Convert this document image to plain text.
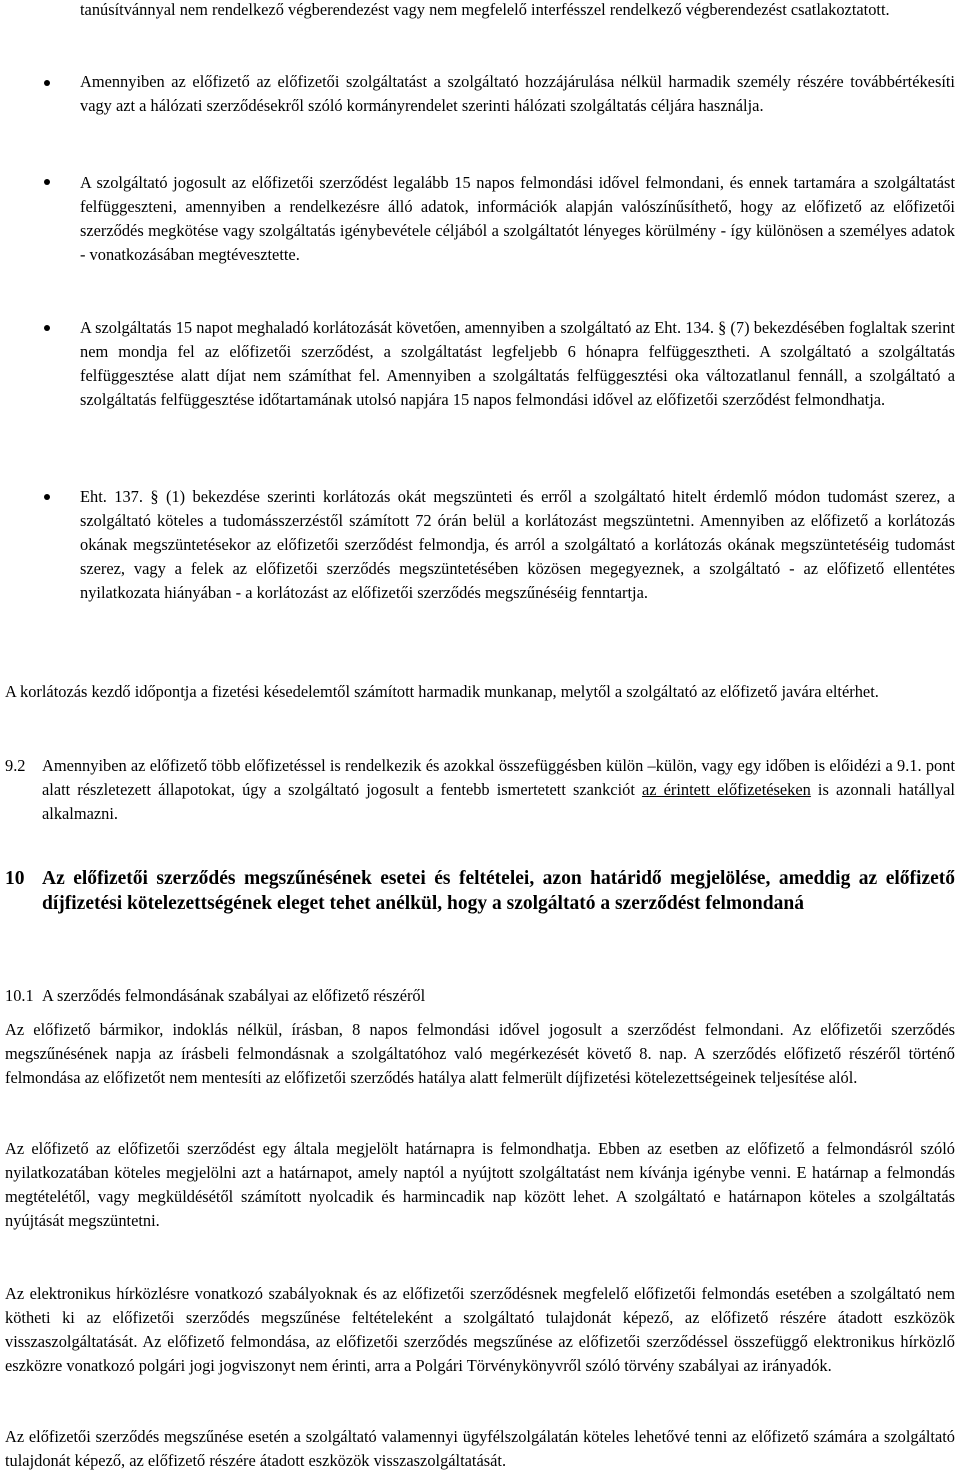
tanúsítvánnyal nem rendelkező végberendezést vagy nem megfelelő interfésszel rendelkező végberendezést csatlakoztatott.
Amennyiben az előfizető az előfizetői szolgáltatást a szolgáltató hozzájárulása nélkül harmadik személy részére továbbértékesíti vagy azt a hálózati szerződésekről szóló kormányrendelet szerinti hálózati szolgáltatás céljára használja.
A szolgáltató jogosult az előfizetői szerződést legalább 15 napos felmondási idővel felmondani, és ennek tartamára a szolgáltatást felfüggeszteni, amennyiben a rendelkezésre álló adatok, információk alapján valószínűsíthető, hogy az előfizető az előfizetői szerződés megkötése vagy szolgáltatás igénybevétele céljából a szolgáltatót lényeges körülmény - így különösen a személyes adatok - vonatkozásában megtévesztette.
A szolgáltatás 15 napot meghaladó korlátozását követően, amennyiben a szolgáltató az Eht. 134. § (7) bekezdésében foglaltak szerint nem mondja fel az előfizetői szerződést, a szolgáltatást legfeljebb 6 hónapra felfüggesztheti. A szolgáltató a szolgáltatás felfüggesztése alatt díjat nem számíthat fel. Amennyiben a szolgáltatás felfüggesztési oka változatlanul fennáll, a szolgáltató a szolgáltatás felfüggesztése időtartamának utolsó napjára 15 napos felmondási idővel az előfizetői szerződést felmondhatja.
Eht. 137. § (1) bekezdése szerinti korlátozás okát megszünteti és erről a szolgáltató hitelt érdemlő módon tudomást szerez, a szolgáltató köteles a tudomásszerzéstől számított 72 órán belül a korlátozást megszüntetni. Amennyiben az előfizető a korlátozás okának megszüntetésekor az előfizetői szerződést felmondja, és arról a szolgáltató a korlátozás okának megszüntetéséig tudomást szerez, vagy a felek az előfizetői szerződés megszüntetésében közösen megegyeznek, a szolgáltató - az előfizető ellentétes nyilatkozata hiányában - a korlátozást az előfizetői szerződés megszűnéséig fenntartja.
A korlátozás kezdő időpontja a fizetési késedelemtől számított harmadik munkanap, melytől a szolgáltató az előfizető javára eltérhet.
9.2 Amennyiben az előfizető több előfizetéssel is rendelkezik és azokkal összefüggésben külön –külön, vagy egy időben is előidézi a 9.1. pont alatt részletezett állapotokat, úgy a szolgáltató jogosult a fentebb ismertetett szankciót az érintett előfizetéseken is azonnali hatállyal alkalmazni.
10 Az előfizetői szerződés megszűnésének esetei és feltételei, azon határidő megjelölése, ameddig az előfizető díjfizetési kötelezettségének eleget tehet anélkül, hogy a szolgáltató a szerződést felmondaná
10.1 A szerződés felmondásának szabályai az előfizető részéről
Az előfizető bármikor, indoklás nélkül, írásban, 8 napos felmondási idővel jogosult a szerződést felmondani. Az előfizetői szerződés megszűnésének napja az írásbeli felmondásnak a szolgáltatóhoz való megérkezését követő 8. nap. A szerződés előfizető részéről történő felmondása az előfizetőt nem mentesíti az előfizetői szerződés hatálya alatt felmerült díjfizetési kötelezettségeinek teljesítése alól.
Az előfizető az előfizetői szerződést egy általa megjelölt határnapra is felmondhatja. Ebben az esetben az előfizető a felmondásról szóló nyilatkozatában köteles megjelölni azt a határnapot, amely naptól a nyújtott szolgáltatást nem kívánja igénybe venni. E határnap a felmondás megtételétől, vagy megküldésétől számított nyolcadik és harmincadik nap között lehet. A szolgáltató e határnapon köteles a szolgáltatás nyújtását megszüntetni.
Az elektronikus hírközlésre vonatkozó szabályoknak és az előfizetői szerződésnek megfelelő előfizetői felmondás esetében a szolgáltató nem kötheti ki az előfizetői szerződés megszűnése feltételeként a szolgáltató tulajdonát képező, az előfizető részére átadott eszközök visszaszolgáltatását. Az előfizető felmondása, az előfizetői szerződés megszűnése az előfizetői szerződéssel összefüggő elektronikus hírközlő eszközre vonatkozó polgári jogi jogviszonyt nem érinti, arra a Polgári Törvénykönyvről szóló törvény szabályai az irányadók.
Az előfizetői szerződés megszűnése esetén a szolgáltató valamennyi ügyfélszolgálatán köteles lehetővé tenni az előfizető számára a szolgáltató tulajdonát képező, az előfizető részére átadott eszközök visszaszolgáltatását.
